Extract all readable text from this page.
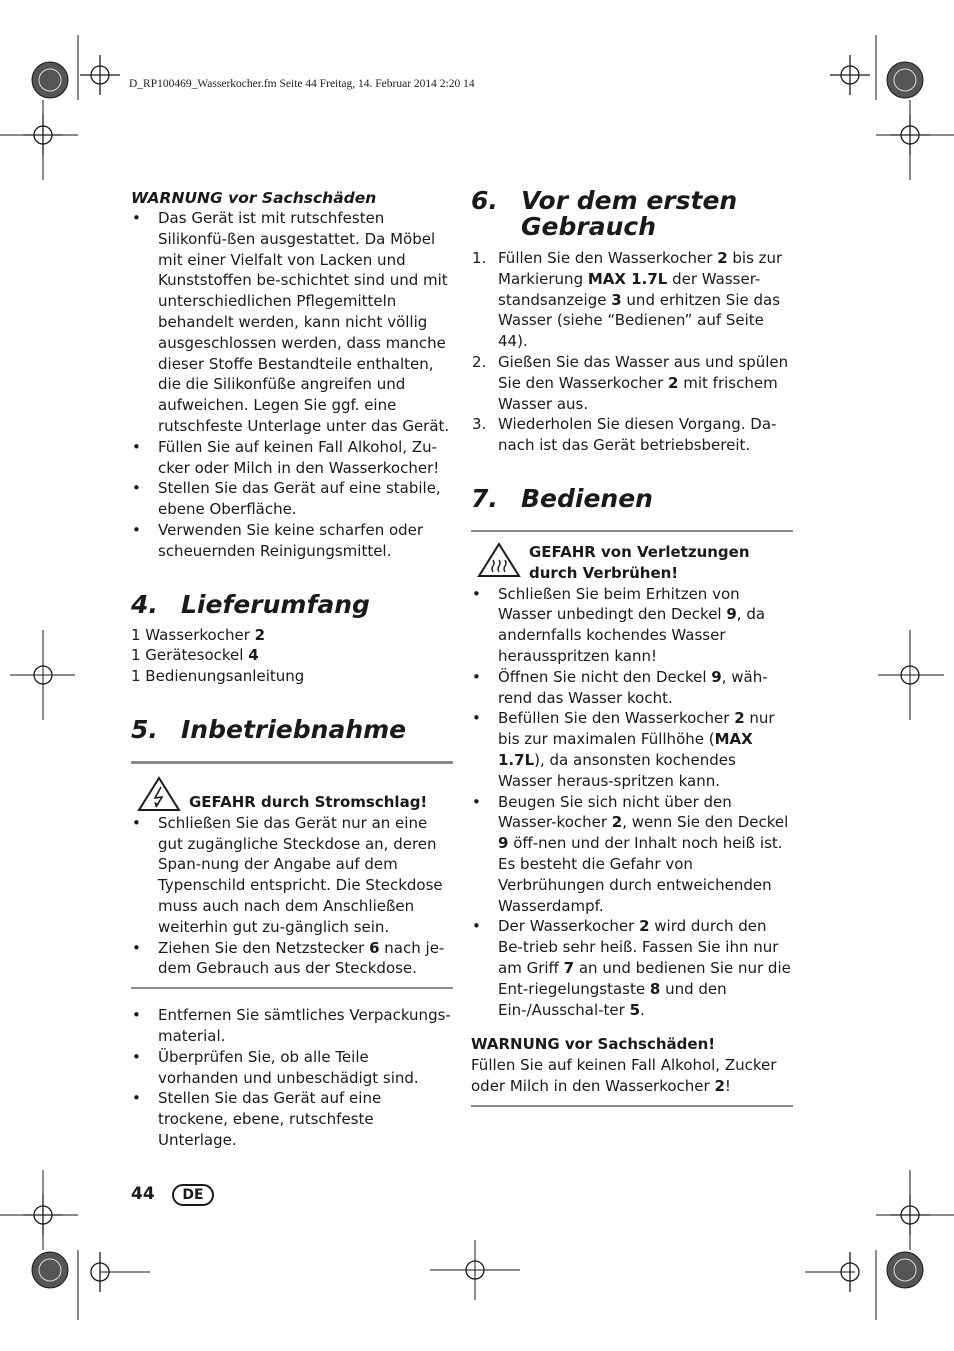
D_RP100469_Wasserkocher.fm Seite 44 Freitag, 14. Februar 2014 2:20 14

WARNUNG vor Sachschäden

• Das Gerät ist mit rutschfesten Silikonfü-ßen ausgestattet. Da Möbel mit einer Vielfalt von Lacken und Kunststoffen be-schichtet sind und mit unterschiedlichen Pflegemitteln behandelt werden, kann nicht völlig ausgeschlossen werden, dass manche dieser Stoffe Bestandteile enthalten, die die Silikonfüße angreifen und aufweichen. Legen Sie ggf. eine rutschfeste Unterlage unter das Gerät.
• Füllen Sie auf keinen Fall Alkohol, Zu-cker oder Milch in den Wasserkocher!
• Stellen Sie das Gerät auf eine stabile, ebene Oberfläche.
• Verwenden Sie keine scharfen oder scheuernden Reinigungsmittel.
4. Lieferumfang

1 Wasserkocher 2

1 Gerätesockel 4

1 Bedienungsanleitung

5. Inbetriebnahme
GEFAHR durch Stromschlag!
• Schließen Sie das Gerät nur an eine gut zugängliche Steckdose an, deren Span-nung der Angabe auf dem Typenschild entspricht. Die Steckdose muss auch nach dem Anschließen weiterhin gut zu-gänglich sein.
• Ziehen Sie den Netzstecker 6 nach je-dem Gebrauch aus der Steckdose.
• Entfernen Sie sämtliches Verpackungs-material.
• Überprüfen Sie, ob alle Teile vorhanden und unbeschädigt sind.
• Stellen Sie das Gerät auf eine trockene, ebene, rutschfeste Unterlage.
6. Vor dem ersten
Gebrauch
1. Füllen Sie den Wasserkocher 2 bis zur Markierung MAX 1.7L der Wasser-standsanzeige 3 und erhitzen Sie das Wasser (siehe “Bedienen” auf Seite 44).
2. Gießen Sie das Wasser aus und spülen Sie den Wasserkocher 2 mit frischem Wasser aus.
3. Wiederholen Sie diesen Vorgang. Da-nach ist das Gerät betriebsbereit.
7. Bedienen
GEFAHR von Verletzungen
durch Verbrühen!
• Schließen Sie beim Erhitzen von Wasser unbedingt den Deckel 9, da andernfalls kochendes Wasser herausspritzen kann!
• Öffnen Sie nicht den Deckel 9, wäh-rend das Wasser kocht.
• Befüllen Sie den Wasserkocher 2 nur bis zur maximalen Füllhöhe (MAX 1.7L), da ansonsten kochendes Wasser heraus-spritzen kann.
• Beugen Sie sich nicht über den Wasser-kocher 2, wenn Sie den Deckel 9 öff-nen und der Inhalt noch heiß ist. Es besteht die Gefahr von Verbrühungen durch entweichenden Wasserdampf.
• Der Wasserkocher 2 wird durch den Be-trieb sehr heiß. Fassen Sie ihn nur am Griff 7 an und bedienen Sie nur die Ent-riegelungstaste 8 und den Ein-/Ausschal-ter 5.

WARNUNG vor Sachschäden!

Füllen Sie auf keinen Fall Alkohol, Zucker oder Milch in den Wasserkocher 2!

44	DE
